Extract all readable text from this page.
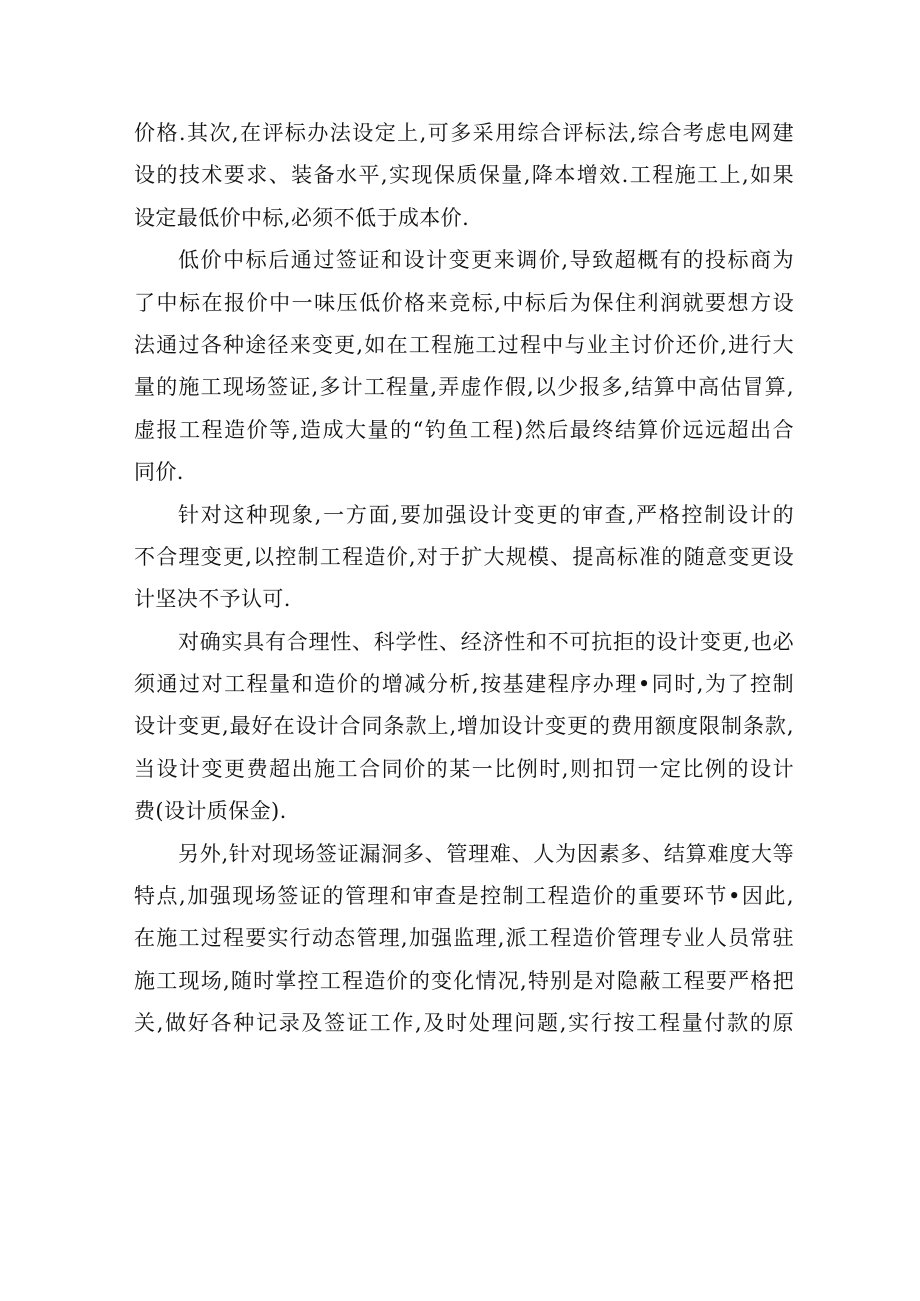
价格.其次,在评标办法设定上,可多采用综合评标法,综合考虑电网建
设的技术要求、装备水平,实现保质保量,降本增效.工程施工上,如果
设定最低价中标,必须不低于成本价.
低价中标后通过签证和设计变更来调价,导致超概有的投标商为
了中标在报价中一味压低价格来竞标,中标后为保住利润就要想方设
法通过各种途径来变更,如在工程施工过程中与业主讨价还价,进行大
量的施工现场签证,多计工程量,弄虚作假,以少报多,结算中高估冒算,
虚报工程造价等,造成大量的“钓鱼工程)然后最终结算价远远超出合
同价.
针对这种现象,一方面,要加强设计变更的审查,严格控制设计的
不合理变更,以控制工程造价,对于扩大规模、提高标准的随意变更设
计坚决不予认可.
对确实具有合理性、科学性、经济性和不可抗拒的设计变更,也必
须通过对工程量和造价的增减分析,按基建程序办理•同时,为了控制
设计变更,最好在设计合同条款上,增加设计变更的费用额度限制条款,
当设计变更费超出施工合同价的某一比例时,则扣罚一定比例的设计
费(设计质保金).
另外,针对现场签证漏洞多、管理难、人为因素多、结算难度大等
特点,加强现场签证的管理和审查是控制工程造价的重要环节•因此,
在施工过程要实行动态管理,加强监理,派工程造价管理专业人员常驻
施工现场,随时掌控工程造价的变化情况,特别是对隐蔽工程要严格把
关,做好各种记录及签证工作,及时处理问题,实行按工程量付款的原
